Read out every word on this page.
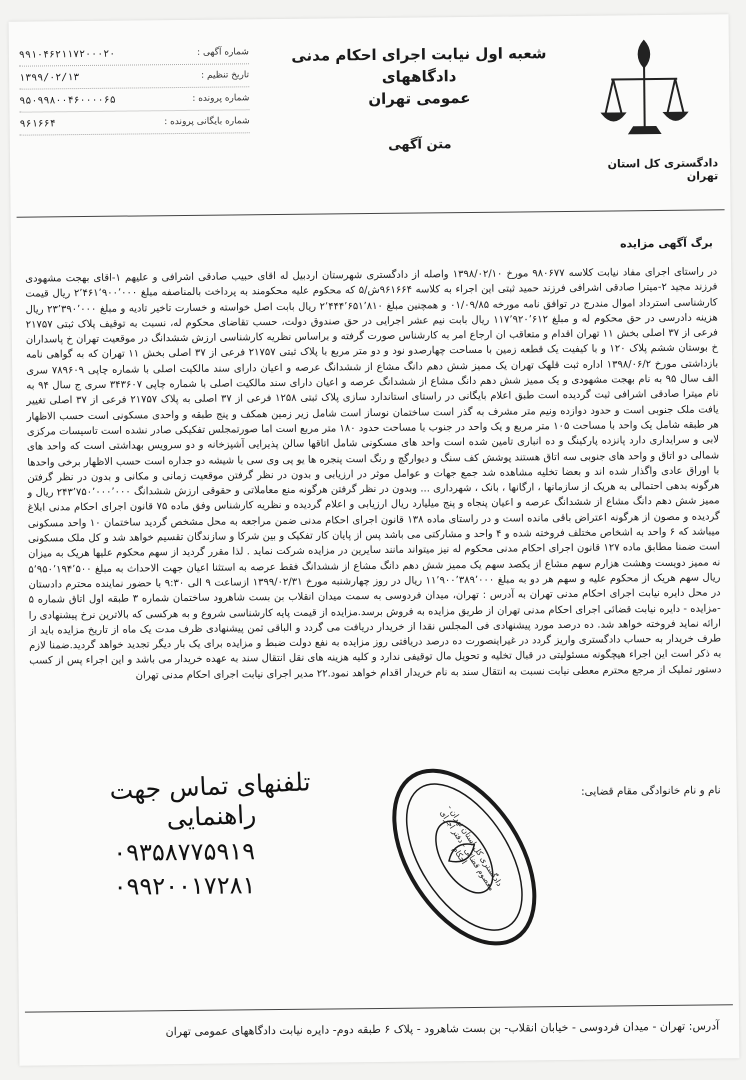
دادگستری کل استان تهران
شعبه اول نیابت اجرای احکام مدنی دادگاههای
عمومی تهران
متن آگهی
۹۹۱۰۴۶۲۱۱۷۲۰۰۰۲۰	شماره آگهی :
۱۳۹۹/۰۲/۱۳	تاریخ تنظیم :
۹۵۰۹۹۸۰۰۴۶۰۰۰۰۶۵	شماره پرونده :
۹۶۱۶۶۴	شماره بایگانی پرونده :
برگ آگهی مزایده
در راستای اجرای مفاد نیابت کلاسه ۹۸۰۶۷۷ مورخ ۱۳۹۸/۰۲/۱۰ واصله از دادگستری شهرستان اردبیل له اقای حبیب صادقی اشرافی و علیهم ۱-اقای بهجت مشهودی فرزند مجید ۲-میترا صادقی اشرافی فرزند حمید ثبتی این اجراء به کلاسه ۹۶۱۶۶۴ش/۵ که محکوم علیه محکومند به پرداخت بالمناصفه مبلغ ۲٬۴۶۱٬۹۰۰٬۰۰۰ ریال قیمت کارشناسی استرداد اموال مندرج در توافق نامه مورخه ۰۱/۰۹/۸۵ و همچنین مبلغ ۲٬۴۴۴٬۶۵۱٬۸۱۰ ریال بابت اصل خواسته و خسارت تاخیر تادیه و مبلغ ۲۳٬۳۹۰٬۰۰۰ ریال هزینه دادرسی در حق محکوم له و مبلغ ۱۱۷٬۹۲۰٬۶۱۲ ریال بابت نیم عشر اجرایی در حق صندوق دولت، حسب تقاضای محکوم له، نسبت به توقیف پلاک ثبتی ۲۱۷۵۷ فرعی از ۳۷ اصلی بخش ۱۱ تهران اقدام و متعاقب ان ارجاع امر به کارشناس صورت گرفته و براساس نظریه کارشناسی ارزش ششدانگ در موقعیت تهران خ پاسداران خ بوستان ششم پلاک ۱۲۰ و با کیفیت یک قطعه زمین با مساحت چهارصدو نود و دو متر مربع با پلاک ثبتی ۲۱۷۵۷ فرعی از ۳۷ اصلی بخش ۱۱ تهران که به گواهی نامه بازداشتی مورخ ۱۳۹۸/۰۶/۲ اداره ثبت قلهک تهران یک ممیز شش دهم دانگ مشاع از ششدانگ عرصه و اعیان دارای سند مالکیت اصلی با شماره چاپی ۷۸۹۶۰۹ سری الف سال ۹۵ به نام بهجت مشهودی و یک ممیز شش دهم دانگ مشاع از ششدانگ عرصه و اعیان دارای سند مالکیت اصلی با شماره چاپی ۳۴۳۶۰۷ سری ج سال ۹۴ به نام میترا صادقی اشرافی ثبت گردیده است طبق اعلام بایگانی در راستای استاندارد سازی پلاک ثبتی ۱۲۵۸ فرعی از ۳۷ اصلی به پلاک ۲۱۷۵۷ فرعی از ۳۷ اصلی تغییر یافت ملک جنوبی است و حدود دوازده ونیم متر مشرف به گذر است ساختمان نوساز است شامل زیر زمین همکف و پنج طبقه و واحدی مسکونی است حسب الاظهار هر طبقه شامل یک واحد با مساحت ۱۰۵ متر مربع و یک واحد در جنوب با مساحت حدود ۱۸۰ متر مربع است اما صورتمجلس تفکیکی صادر نشده است تاسیسات مرکزی لابی و سرایداری دارد پانزده پارکینگ و ده انباری تامین شده است واحد های مسکونی شامل اتاقها سالن پذیرایی آشپزخانه و دو سرویس بهداشتی است که واحد های شمالی دو اتاق و واحد های جنوبی سه اتاق هستند پوشش کف سنگ و دیوارگچ و رنگ است پنجره ها یو پی وی سی با شیشه دو جداره است حسب الاظهار برخی واحدها با اوراق عادی واگذار شده اند و بعضا تخلیه مشاهده شد جمع جهات و عوامل موثر در ارزیابی و بدون در نظر گرفتن موقعیت زمانی و مکانی و بدون در نظر گرفتن هرگونه بدهی احتمالی به هریک از سازمانها ، ارگانها ، بانک ، شهرداری ... وبدون در نظر گرفتن هرگونه منع معاملاتی و حقوقی ارزش ششدانگ ۲۴۳٬۷۵۰٬۰۰۰٬۰۰۰ ریال و ممیز شش دهم دانگ مشاع از ششدانگ عرصه و اعیان پنجاه و پنج میلیارد ریال ارزیابی و اعلام گردیده و نظریه کارشناس وفق ماده ۷۵ قانون اجرای احکام مدنی ابلاغ گردیده و مصون از هرگونه اعتراض باقی مانده است و در راستای ماده ۱۳۸ قانون اجرای احکام مدنی ضمن مراجعه به محل مشخص گردید ساختمان ۱۰ واحد مسکونی میباشد که ۶ واحد به اشخاص مختلف فروخته شده و ۴ واحد و مشارکتی می باشد پس از پایان کار تفکیک و بین شرکا و سازندگان تقسیم خواهد شد و کل ملک مسکونی است ضمنا مطابق ماده ۱۲۷ قانون اجرای احکام مدنی محکوم له نیز میتواند مانند سایرین در مزایده شرکت نماید . لذا مقرر گردید از سهم محکوم علیها هریک به میزان نه ممیز دویست وهشت هزارم سهم مشاع از یکصد سهم یک ممیز شش دهم دانگ مشاع از ششدانگ فقط عرصه به استثنا اعیان جهت الاحداث به مبلغ ۵٬۹۵۰٬۱۹۴٬۵۰۰ ریال سهم هریک از محکوم علیه و سهم هر دو به مبلغ ۱۱٬۹۰۰٬۳۸۹٬۰۰۰ ریال در روز چهارشنبه مورخ ۱۳۹۹/۰۲/۳۱ ازساعت ۹ الی ۹:۳۰ با حضور نماینده محترم دادستان در محل دایره نیابت اجرای احکام مدنی تهران به آدرس : تهران، میدان فردوسی به سمت میدان انقلاب بن بست شاهرود ساختمان شماره ۳ طبقه اول اتاق شماره ۵ -مزایده - دایره نیابت قضائی اجرای احکام مدنی تهران از طریق مزایده به فروش برسد.مزایده از قیمت پایه کارشناسی شروع و به هرکسی که بالاترین نرخ پیشنهادی را ارائه نماید فروخته خواهد شد. ده درصد مورد پیشنهادی فی المجلس نقدا از خریدار دریافت می گردد و الباقی ثمن پیشنهادی ظرف مدت یک ماه از تاریخ مزایده باید از طرف خریدار به حساب دادگستری واریز گردد در غیراینصورت ده درصد دریافتی روز مزایده به نفع دولت ضبط و مزایده برای یک بار دیگر تجدید خواهد گردید.ضمنا لازم به ذکر است این اجراء هیچگونه مسئولیتی در قبال تخلیه و تحویل مال توقیفی ندارد و کلیه هزینه های نقل انتقال سند به عهده خریدار می باشد و این اجراء پس از کسب دستور تملیک از مرجع محترم معطی نیابت نسبت به انتقال سند به نام خریدار اقدام خواهد نمود.۲۲ مدیر اجرای نیابت اجرای احکام مدنی تهران
نام و نام خانوادگی مقام قضایی:
تلفنهای تماس جهت راهنمایی
۰۹۳۵۸۷۷۵۹۱۹
۰۹۹۲۰۰۱۷۲۸۱	دادگستری کل استان تهران - معصوم قضائی - دفتر اجرای احکام
آدرس: تهران - میدان فردوسی - خیابان انقلاب- بن بست شاهرود - پلاک ۶ طبقه دوم- دایره نیابت دادگاههای عمومی تهران
